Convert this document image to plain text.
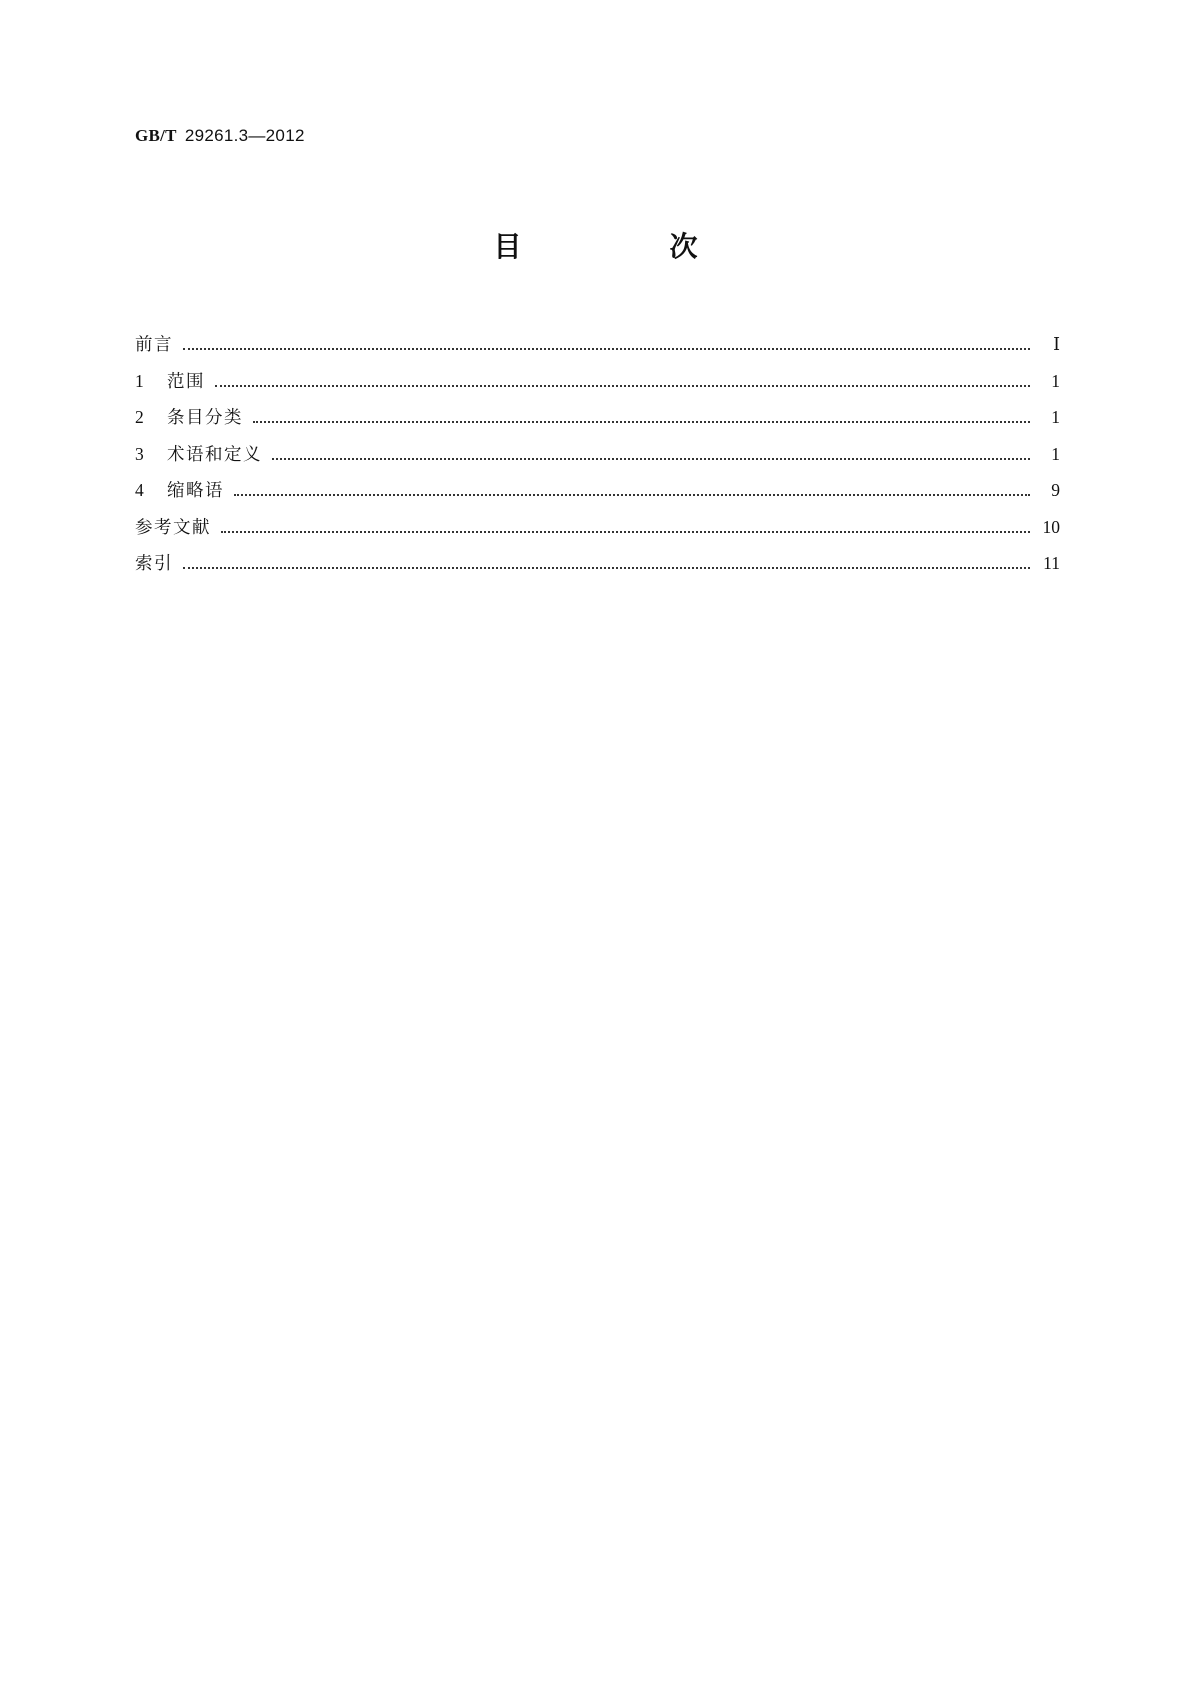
GB/T 29261.3—2012
目　次
前言	Ⅰ
1	范围	1
2	条目分类	1
3	术语和定义	1
4	缩略语	9
参考文献	10
索引	11
